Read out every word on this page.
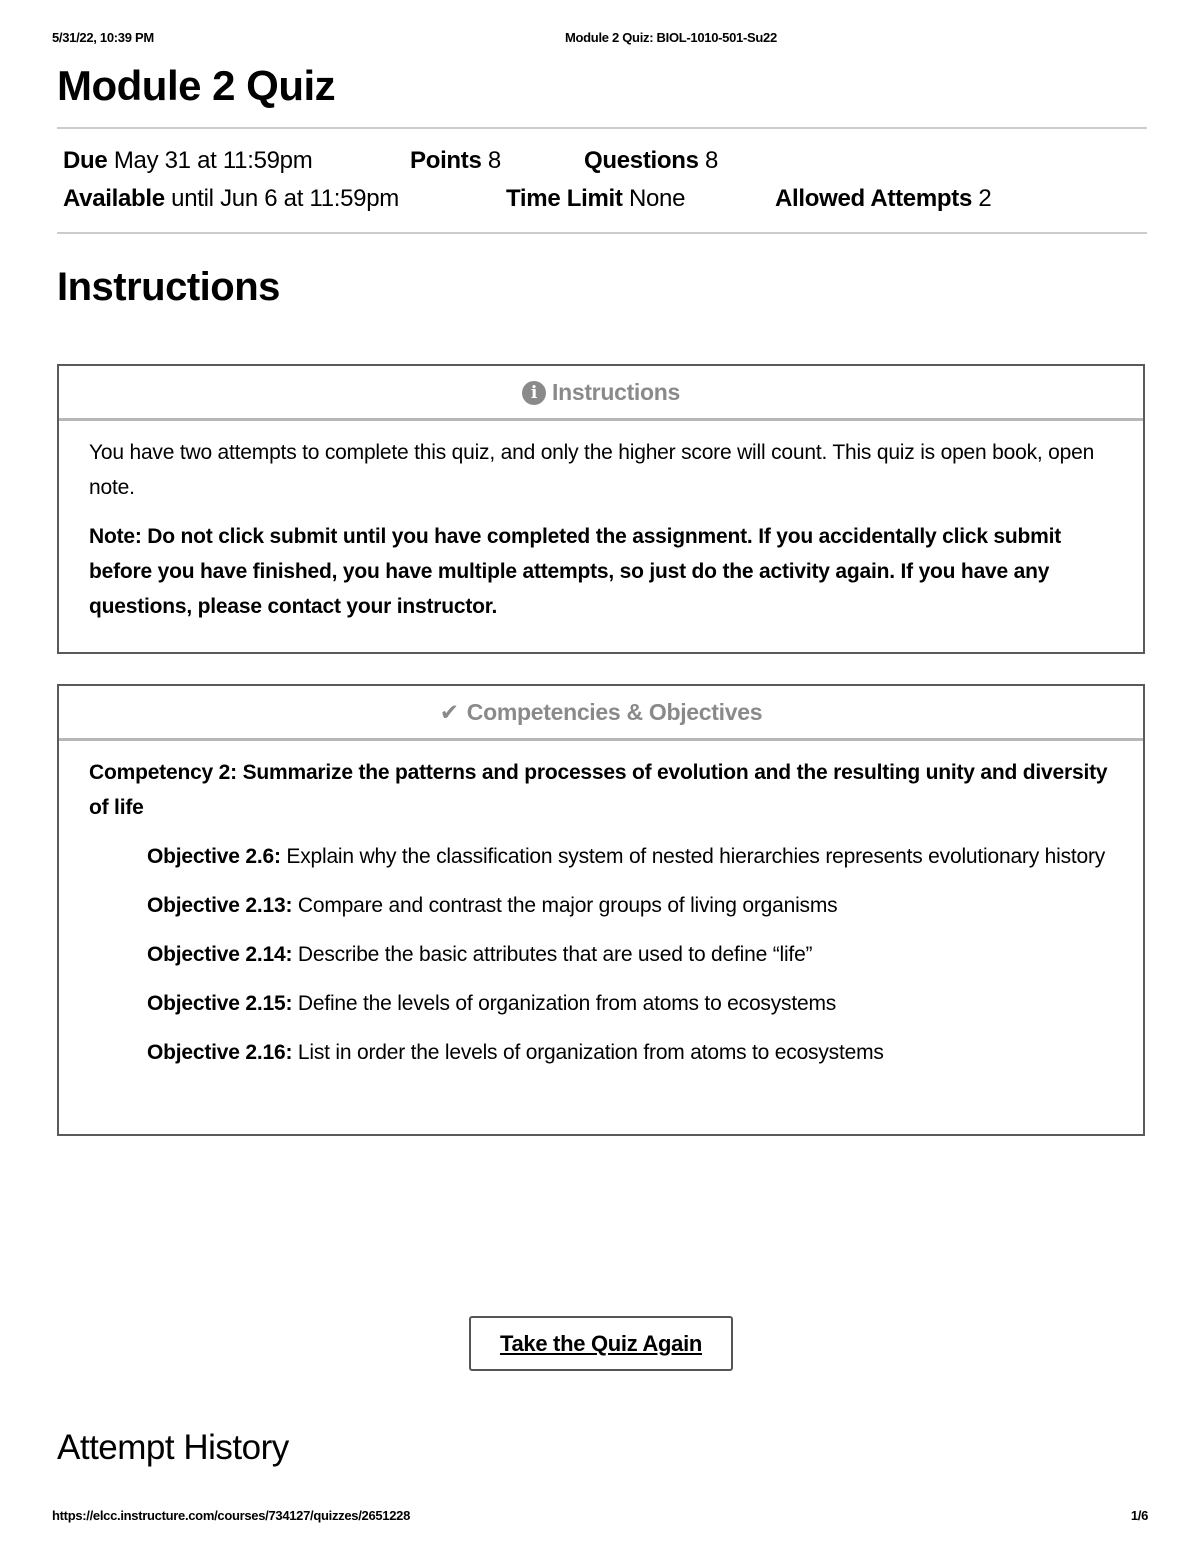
5/31/22, 10:39 PM	Module 2 Quiz: BIOL-1010-501-Su22
Module 2 Quiz
Due May 31 at 11:59pm	Points 8	Questions 8
Available until Jun 6 at 11:59pm	Time Limit None	Allowed Attempts 2
Instructions
i Instructions

You have two attempts to complete this quiz, and only the higher score will count. This quiz is open book, open note.

Note: Do not click submit until you have completed the assignment. If you accidentally click submit before you have finished, you have multiple attempts, so just do the activity again. If you have any questions, please contact your instructor.

✔ Competencies & Objectives

Competency 2: Summarize the patterns and processes of evolution and the resulting unity and diversity of life

Objective 2.6: Explain why the classification system of nested hierarchies represents evolutionary history
Objective 2.13: Compare and contrast the major groups of living organisms
Objective 2.14: Describe the basic attributes that are used to define “life”
Objective 2.15: Define the levels of organization from atoms to ecosystems
Objective 2.16: List in order the levels of organization from atoms to ecosystems
Take the Quiz Again
Attempt History
https://elcc.instructure.com/courses/734127/quizzes/2651228	1/6
